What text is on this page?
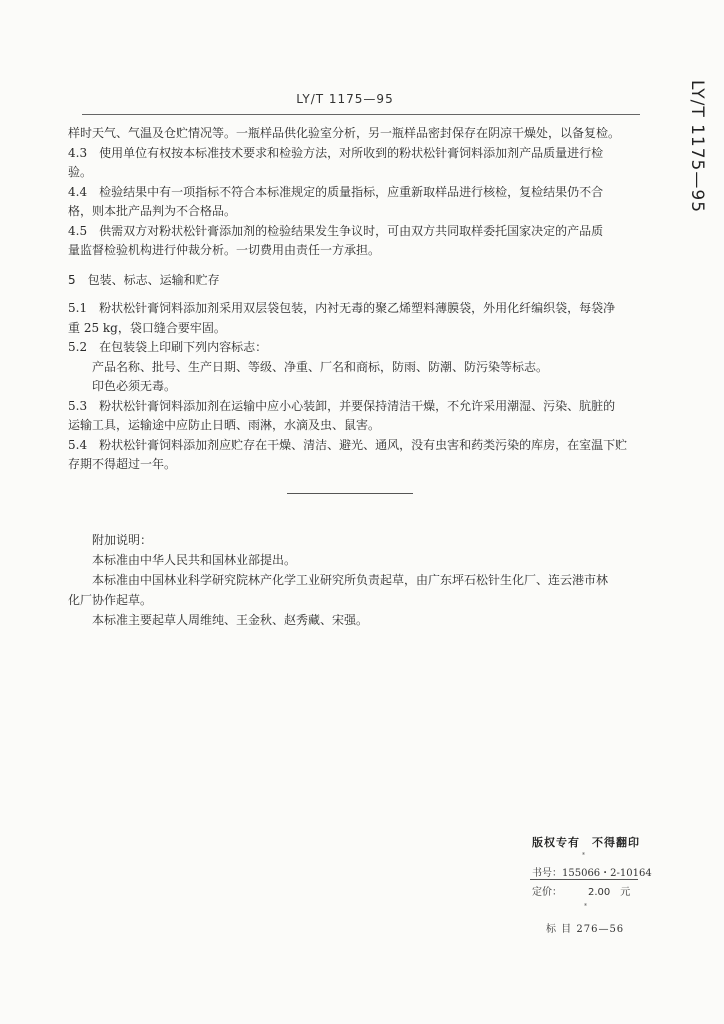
LY/T 1175—95	LY/T 1175—95

样时天气、气温及仓贮情况等。一瓶样品供化验室分析，另一瓶样品密封保存在阴凉干燥处，以备复检。

4.3　使用单位有权按本标准技术要求和检验方法，对所收到的粉状松针膏饲料添加剂产品质量进行检

验。

4.4　检验结果中有一项指标不符合本标准规定的质量指标，应重新取样品进行核检，复检结果仍不合

格，则本批产品判为不合格品。

4.5　供需双方对粉状松针膏添加剂的检验结果发生争议时，可由双方共同取样委托国家决定的产品质

量监督检验机构进行仲裁分析。一切费用由责任一方承担。

5　包装、标志、运输和贮存

5.1　粉状松针膏饲料添加剂采用双层袋包装，内衬无毒的聚乙烯塑料薄膜袋，外用化纤编织袋，每袋净

重 25 kg，袋口缝合要牢固。

5.2　在包装袋上印刷下列内容标志：

产品名称、批号、生产日期、等级、净重、厂名和商标，防雨、防潮、防污染等标志。

印色必须无毒。

5.3　粉状松针膏饲料添加剂在运输中应小心装卸，并要保持清洁干燥，不允许采用潮湿、污染、肮脏的

运输工具，运输途中应防止日晒、雨淋，水滴及虫、鼠害。

5.4　粉状松针膏饲料添加剂应贮存在干燥、清洁、避光、通风，没有虫害和药类污染的库房，在室温下贮

存期不得超过一年。

附加说明：
本标准由中华人民共和国林业部提出。
本标准由中国林业科学研究院林产化学工业研究所负责起草，由广东坪石松针生化厂、连云港市林
化厂协作起草。
本标准主要起草人周维纯、王金秋、赵秀藏、宋强。
版权专有　不得翻印
*
书号：155066・2-10164
定价：	2.00 元
*
标 目 276—56
